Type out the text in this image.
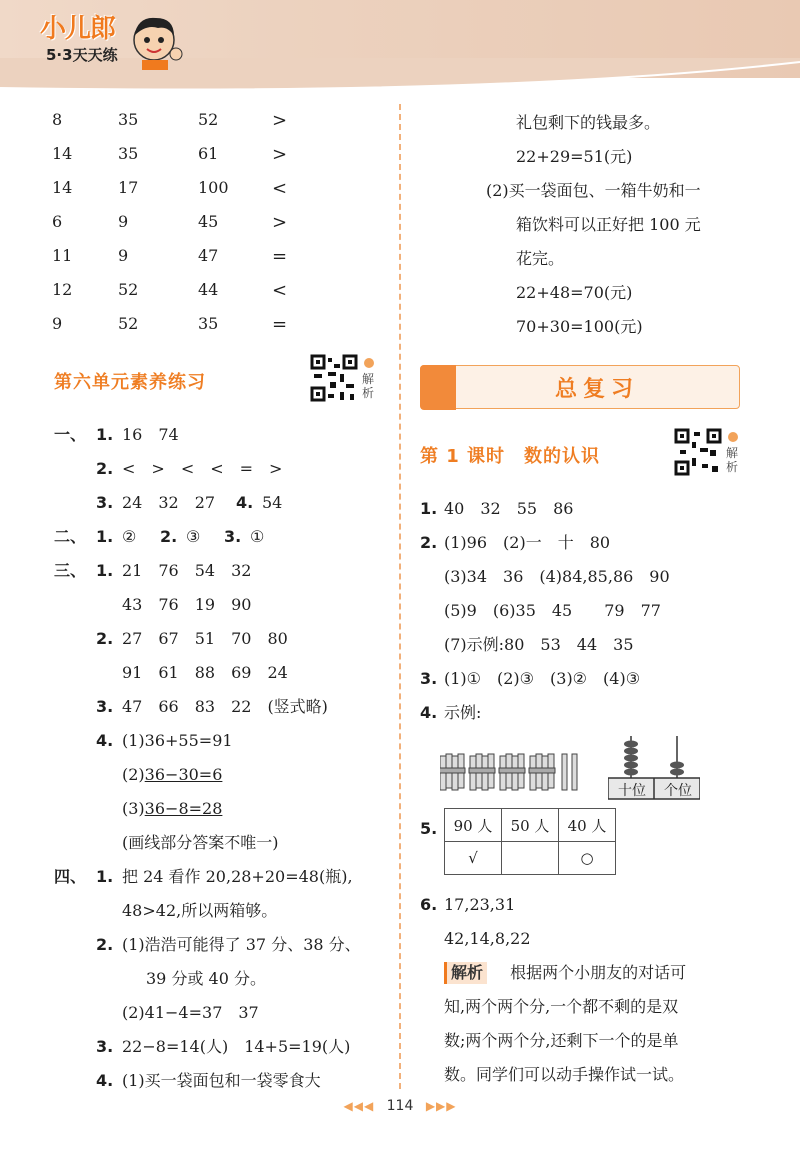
小儿郎
5·3天天练
8	35	52	>
14	35	61	>
14	17	100 <
6	9	45	>
11	9	47	=
12	52	44	<
9	52	35	=
第六单元素养练习	解析
一、 1. 16　74
2. <　>　<　<　=　>
3. 24　32　27 4. 54
二、 1. ② 2. ③ 3. ①
三、 1. 21　76　54　32
43　76　19　90
2. 27　67　51　70　80
91　61　88　69　24
3. 47　66　83　22　(竖式略)
4. (1)36+55=91
(2)36−30=6
(3)36−8=28
(画线部分答案不唯一)
四、 1. 把 24 看作 20,28+20=48(瓶),
48>42,所以两箱够。
2. (1)浩浩可能得了 37 分、38 分、
39 分或 40 分。
(2)41−4=37　37
3. 22−8=14(人)　14+5=19(人)
4. (1)买一袋面包和一袋零食大
礼包剩下的钱最多。
22+29=51(元)
(2)买一袋面包、一箱牛奶和一
箱饮料可以正好把 100 元
花完。
22+48=70(元)
70+30=100(元)
总复习
第 1 课时　数的认识	解析
1. 40　32　55　86
2. (1)96　(2)一　十　80
(3)34　36　(4)84,85,86　90
(5)9　(6)35　45　　79　77
(7)示例:80　53　44　35
3. (1)①　(2)③　(3)②　(4)③
4. 示例:
十位	个位
5. 90 人	50 人	40 人
√		○
6. 17,23,31
42,14,8,22
解析 根据两个小朋友的对话可
知,两个两个分,一个都不剩的是双
数;两个两个分,还剩下一个的是单
数。同学们可以动手操作试一试。
◀◀◀ 114 ▶▶▶
